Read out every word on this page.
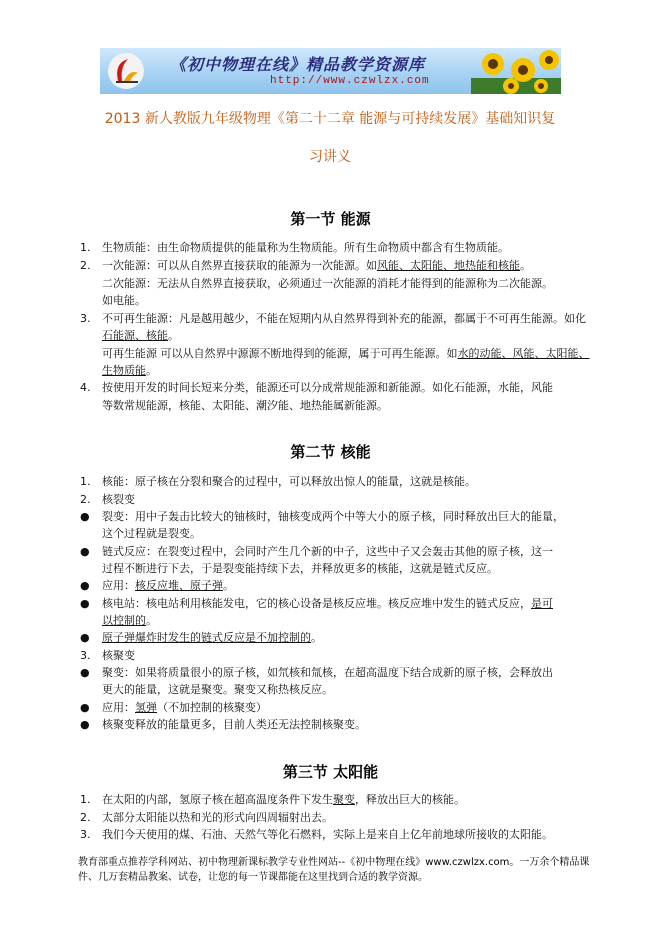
《初中物理在线》精品教学资源库
http://www.czwlzx.com
2013 新人教版九年级物理《第二十二章 能源与可持续发展》基础知识复
习讲义
第一节 能源
1. 生物质能：由生命物质提供的能量称为生物质能。所有生命物质中都含有生物质能。
2. 一次能源：可以从自然界直接获取的能源为一次能源。如风能、太阳能、地热能和核能。
二次能源：无法从自然界直接获取，必须通过一次能源的消耗才能得到的能源称为二次能源。
如电能。
3. 不可再生能源：凡是越用越少，不能在短期内从自然界得到补充的能源，都属于不可再生能源。如化
石能源、核能。
可再生能源 可以从自然界中源源不断地得到的能源，属于可再生能源。如水的动能、风能、太阳能、
生物质能。
4. 按使用开发的时间长短来分类，能源还可以分成常规能源和新能源。如化石能源，水能，风能
等数常规能源，核能、太阳能、潮汐能、地热能属新能源。
第二节 核能
1. 核能：原子核在分裂和聚合的过程中，可以释放出惊人的能量，这就是核能。
2. 核裂变
● 裂变：用中子轰击比较大的铀核时，铀核变成两个中等大小的原子核，同时释放出巨大的能量，
这个过程就是裂变。
● 链式反应：在裂变过程中，会同时产生几个新的中子，这些中子又会轰击其他的原子核，这一
过程不断进行下去，于是裂变能持续下去，并释放更多的核能，这就是链式反应。
● 应用：核反应堆、原子弹。
● 核电站：核电站利用核能发电，它的核心设备是核反应堆。核反应堆中发生的链式反应，是可
以控制的。
● 原子弹爆炸时发生的链式反应是不加控制的。
3. 核聚变
● 聚变：如果将质量很小的原子核，如氘核和氚核，在超高温度下结合成新的原子核，会释放出
更大的能量，这就是聚变。聚变又称热核反应。
● 应用：氢弹（不加控制的核聚变）
● 核聚变释放的能量更多，目前人类还无法控制核聚变。
第三节 太阳能
1. 在太阳的内部，氢原子核在超高温度条件下发生聚变，释放出巨大的核能。
2. 太部分太阳能以热和光的形式向四周辐射出去。
3. 我们今天使用的煤、石油、天然气等化石燃料，实际上是来自上亿年前地球所接收的太阳能。
教育部重点推荐学科网站、初中物理新课标教学专业性网站--《初中物理在线》www.czwlzx.com。一万余个精品课
件、几万套精品教案、试卷，让您的每一节课都能在这里找到合适的教学资源。
